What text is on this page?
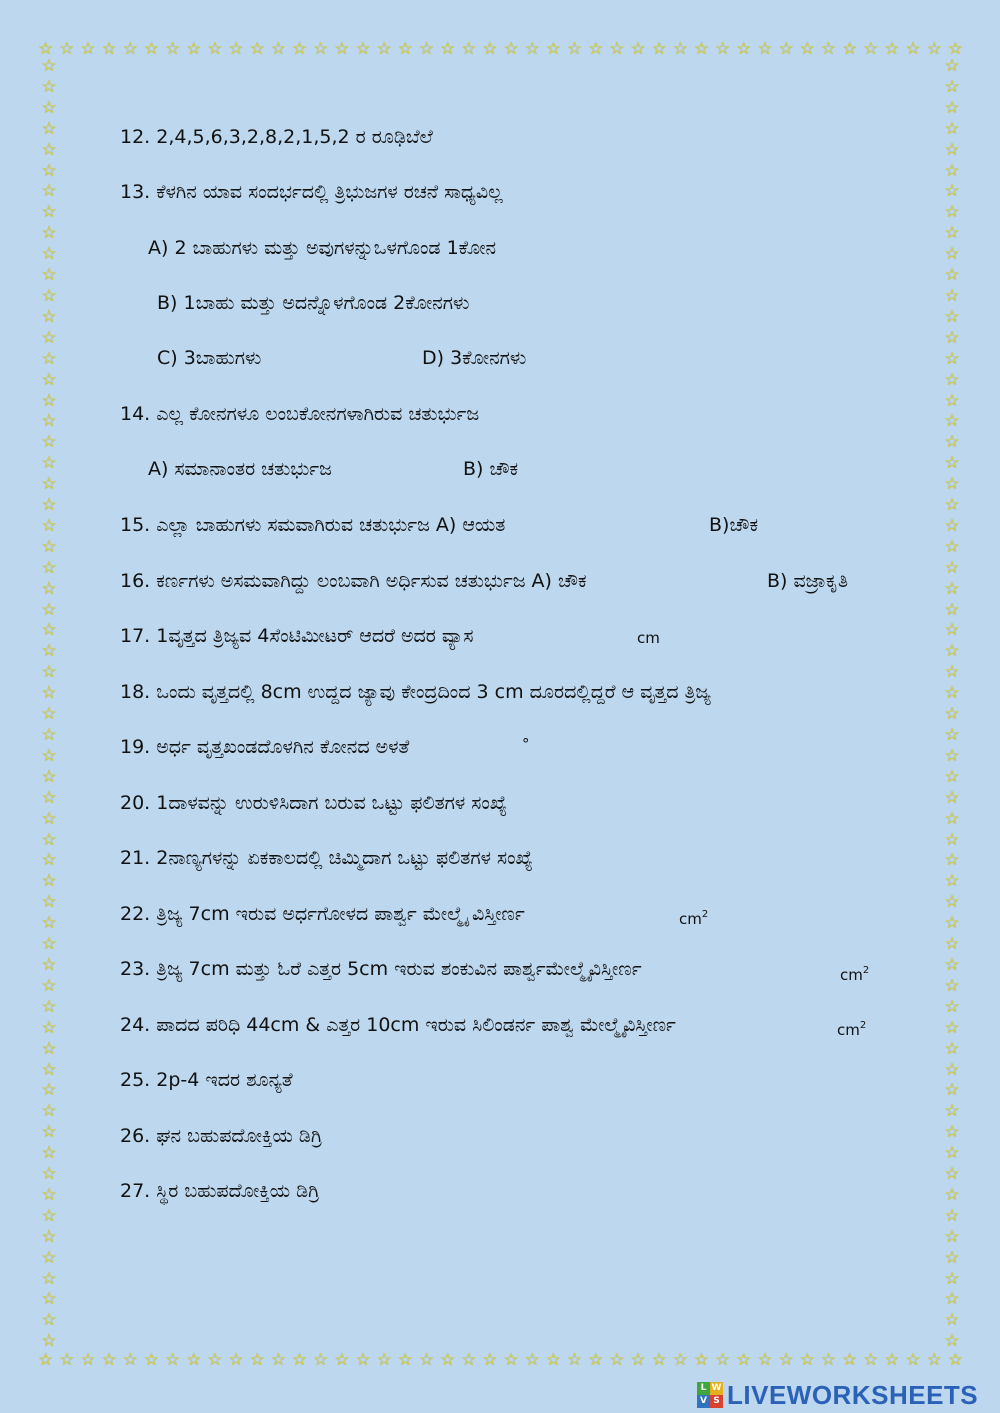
☆ ☆ ☆ ☆ ☆ ☆ ☆ ☆ ☆ ☆ ☆ ☆ ☆ ☆ ☆ ☆ ☆ ☆ ☆ ☆ ☆ ☆ ☆ ☆ ☆ ☆ ☆ ☆ ☆ ☆ ☆ ☆ ☆ ☆ ☆ ☆ ☆ ☆ ☆ ☆ ☆ ☆ ☆ ☆
☆ ☆ ☆ ☆ ☆ ☆ ☆ ☆ ☆ ☆ ☆ ☆ ☆ ☆ ☆ ☆ ☆ ☆ ☆ ☆ ☆ ☆ ☆ ☆ ☆ ☆ ☆ ☆ ☆ ☆ ☆ ☆ ☆ ☆ ☆ ☆ ☆ ☆ ☆ ☆ ☆ ☆ ☆ ☆
☆
☆
☆
☆
☆
☆
☆
☆
☆
☆
☆
☆
☆
☆
☆
☆
☆
☆
☆
☆
☆
☆
☆
☆
☆
☆
☆
☆
☆
☆
☆
☆
☆
☆
☆
☆
☆
☆
☆
☆
☆
☆
☆
☆
☆
☆
☆
☆
☆
☆
☆
☆
☆
☆
☆
☆
☆
☆
☆
☆
☆
☆
☆
☆
☆
☆
☆
☆
☆
☆
☆
☆
☆
☆
☆
☆
☆
☆
☆
☆
☆
☆
☆
☆
☆
☆
☆
☆
☆
☆
☆
☆
☆
☆
☆
☆
☆
☆
☆
☆
☆
☆
☆
☆
☆
☆
☆
☆
☆
☆
☆
☆
☆
☆
☆
☆
☆
☆
☆
☆
☆
☆
☆
☆
12. 2,4,5,6,3,2,8,2,1,5,2 ರ ರೂಢಿಬೆಲೆ
13. ಕೆಳಗಿನ ಯಾವ ಸಂದರ್ಭದಲ್ಲಿ ತ್ರಿಭುಜಗಳ ರಚನೆ ಸಾಧ್ಯವಿಲ್ಲ
A) 2 ಬಾಹುಗಳು ಮತ್ತು ಅವುಗಳನ್ನುಒಳಗೊಂಡ 1ಕೋನ
B) 1ಬಾಹು ಮತ್ತು ಅದನ್ನೊಳಗೊಂಡ 2ಕೋನಗಳು
C) 3ಬಾಹುಗಳು	D) 3ಕೋನಗಳು
14. ಎಲ್ಲ ಕೋನಗಳೂ ಲಂಬಕೋನಗಳಾಗಿರುವ ಚತುರ್ಭುಜ
A) ಸಮಾನಾಂತರ ಚತುರ್ಭುಜ	B) ಚೌಕ
15. ಎಲ್ಲಾ ಬಾಹುಗಳು ಸಮವಾಗಿರುವ ಚತುರ್ಭುಜ A) ಆಯತ	B)ಚೌಕ
16. ಕರ್ಣಗಳು ಅಸಮವಾಗಿದ್ದು ಲಂಬವಾಗಿ ಅರ್ಧಿಸುವ ಚತುರ್ಭುಜ A) ಚೌಕ	B) ವಜ್ರಾಕೃತಿ
17. 1ವೃತ್ತದ ತ್ರಿಜ್ಯವ 4ಸೆಂಟಿಮೀಟರ್ ಆದರೆ ಅದರ ವ್ಯಾಸ	cm
18. ಒಂದು ವೃತ್ತದಲ್ಲಿ 8cm ಉದ್ದದ ಜ್ಯಾವು ಕೇಂದ್ರದಿಂದ 3 cm ದೂರದಲ್ಲಿದ್ದರೆ ಆ ವೃತ್ತದ ತ್ರಿಜ್ಯ
19. ಅರ್ಧ ವೃತ್ತಖಂಡದೊಳಗಿನ ಕೋನದ ಅಳತೆ	°
20. 1ದಾಳವನ್ನು ಉರುಳಿಸಿದಾಗ ಬರುವ ಒಟ್ಟು ಫಲಿತಗಳ ಸಂಖ್ಯೆ
21. 2ನಾಣ್ಯಗಳನ್ನು ಏಕಕಾಲದಲ್ಲಿ ಚಿಮ್ಮಿದಾಗ ಒಟ್ಟು ಫಲಿತಗಳ ಸಂಖ್ಯೆ
22. ತ್ರಿಜ್ಯ 7cm ಇರುವ ಅರ್ಧಗೋಳದ ಪಾರ್ಶ್ವ ಮೇಲ್ಮೈ ವಿಸ್ತೀರ್ಣ	$cm^2$
23. ತ್ರಿಜ್ಯ 7cm ಮತ್ತು ಓರೆ ಎತ್ತರ 5cm ಇರುವ ಶಂಕುವಿನ ಪಾರ್ಶ್ವಮೇಲ್ಮೈವಿಸ್ತೀರ್ಣ	$cm^2$
24. ಪಾದದ ಪರಿಧಿ 44cm & ಎತ್ತರ 10cm ಇರುವ ಸಿಲಿಂಡರ್ನ ಪಾಶ್ವ ಮೇಲ್ಮೈವಿಸ್ತೀರ್ಣ	$cm^2$
25. 2p-4 ಇದರ ಶೂನ್ಯತೆ
26. ಘನ ಬಹುಪದೋಕ್ತಿಯ ಡಿಗ್ರಿ
27. ಸ್ಥಿರ ಬಹುಪದೋಕ್ತಿಯ ಡಿಗ್ರಿ
L W
V S LIVEWORKSHEETS
